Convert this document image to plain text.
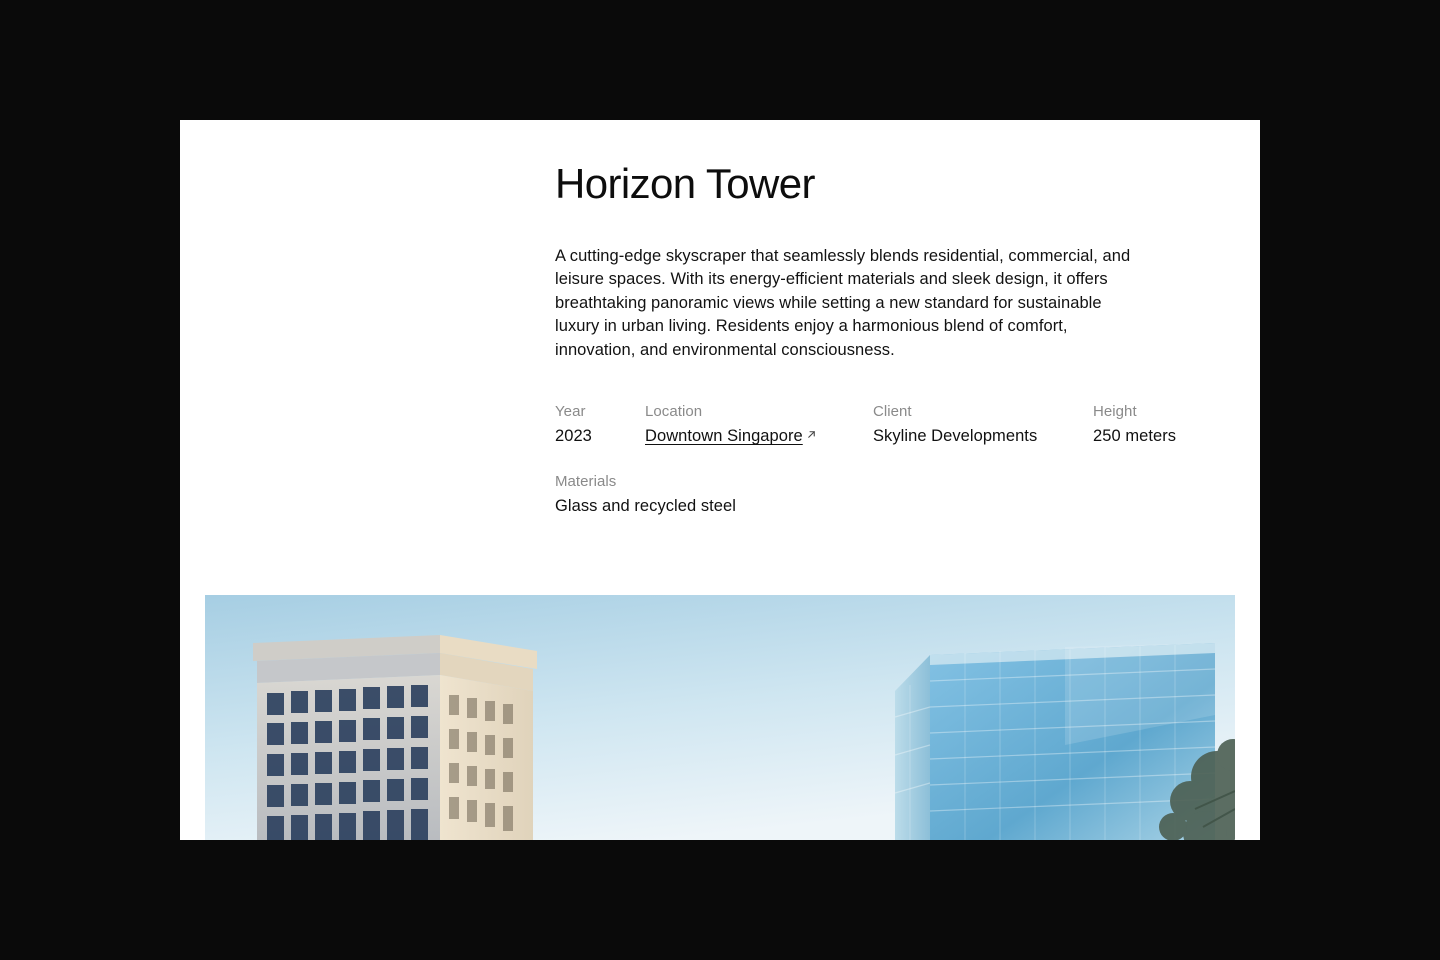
Horizon Tower

A cutting-edge skyscraper that seamlessly blends residential, commercial, and leisure spaces. With its energy-efficient materials and sleek design, it offers breathtaking panoramic views while setting a new standard for sustainable luxury in urban living. Residents enjoy a harmonious blend of comfort, innovation, and environmental consciousness.

Year
2023
Location
Downtown Singapore
Client
Skyline Developments
Height
250 meters
Materials
Glass and recycled steel
